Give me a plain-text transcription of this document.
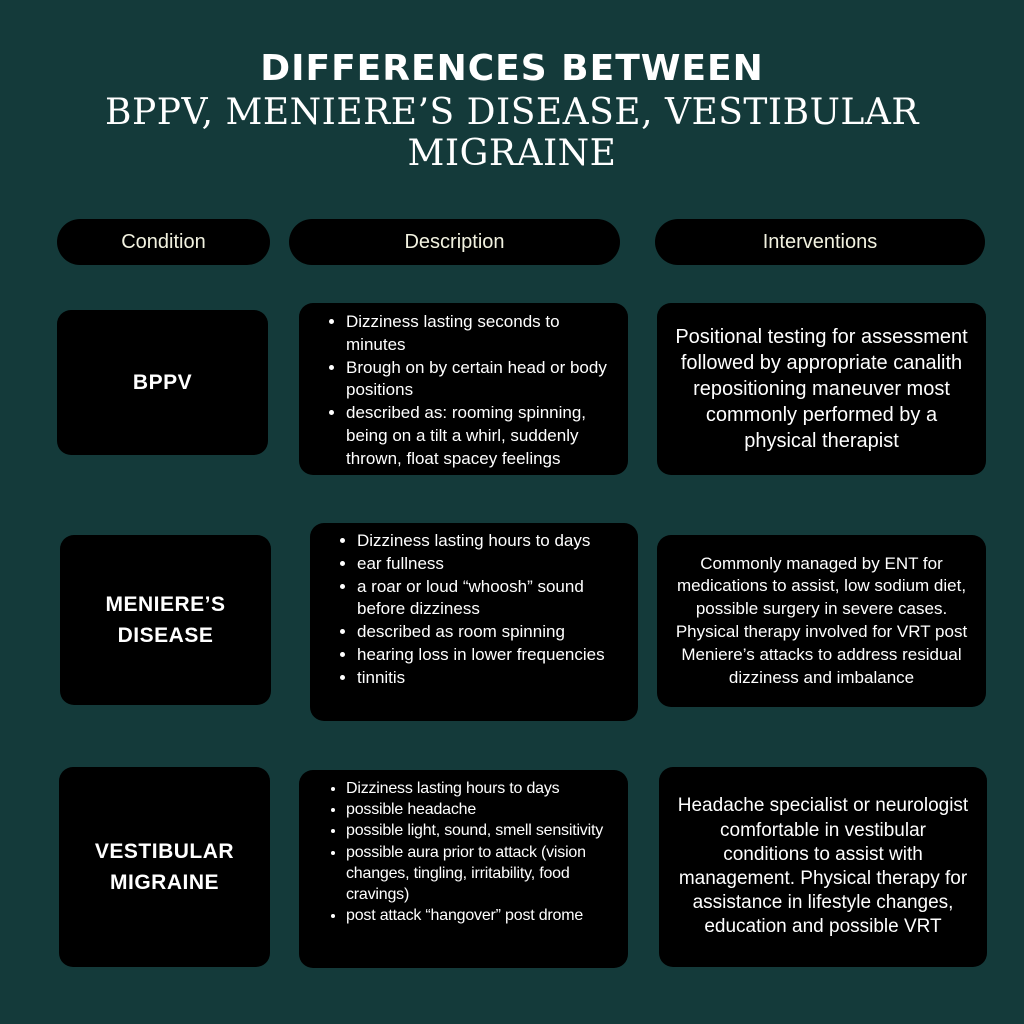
DIFFERENCES BETWEEN
BPPV, MENIERE’S DISEASE, VESTIBULAR MIGRAINE
Condition	Description	Interventions
BPPV
• Dizziness lasting seconds to minutes
• Brough on by certain head or body positions
• described as: rooming spinning, being on a tilt a whirl, suddenly thrown, float spacey feelings
Positional testing for assessment followed by appropriate canalith repositioning maneuver most commonly performed by a physical therapist
MENIERE’S DISEASE
• Dizziness lasting hours to days
• ear fullness
• a roar or loud “whoosh” sound before dizziness
• described as room spinning
• hearing loss in lower frequencies
• tinnitis
Commonly managed by ENT for medications to assist, low sodium diet, possible surgery in severe cases. Physical therapy involved for VRT post Meniere’s attacks to address residual dizziness and imbalance
VESTIBULAR MIGRAINE
• Dizziness lasting hours to days
• possible headache
• possible light, sound, smell sensitivity
• possible aura prior to attack (vision changes, tingling, irritability, food cravings)
• post attack “hangover” post drome
Headache specialist or neurologist comfortable in vestibular conditions to assist with management. Physical therapy for assistance in lifestyle changes, education and possible VRT
